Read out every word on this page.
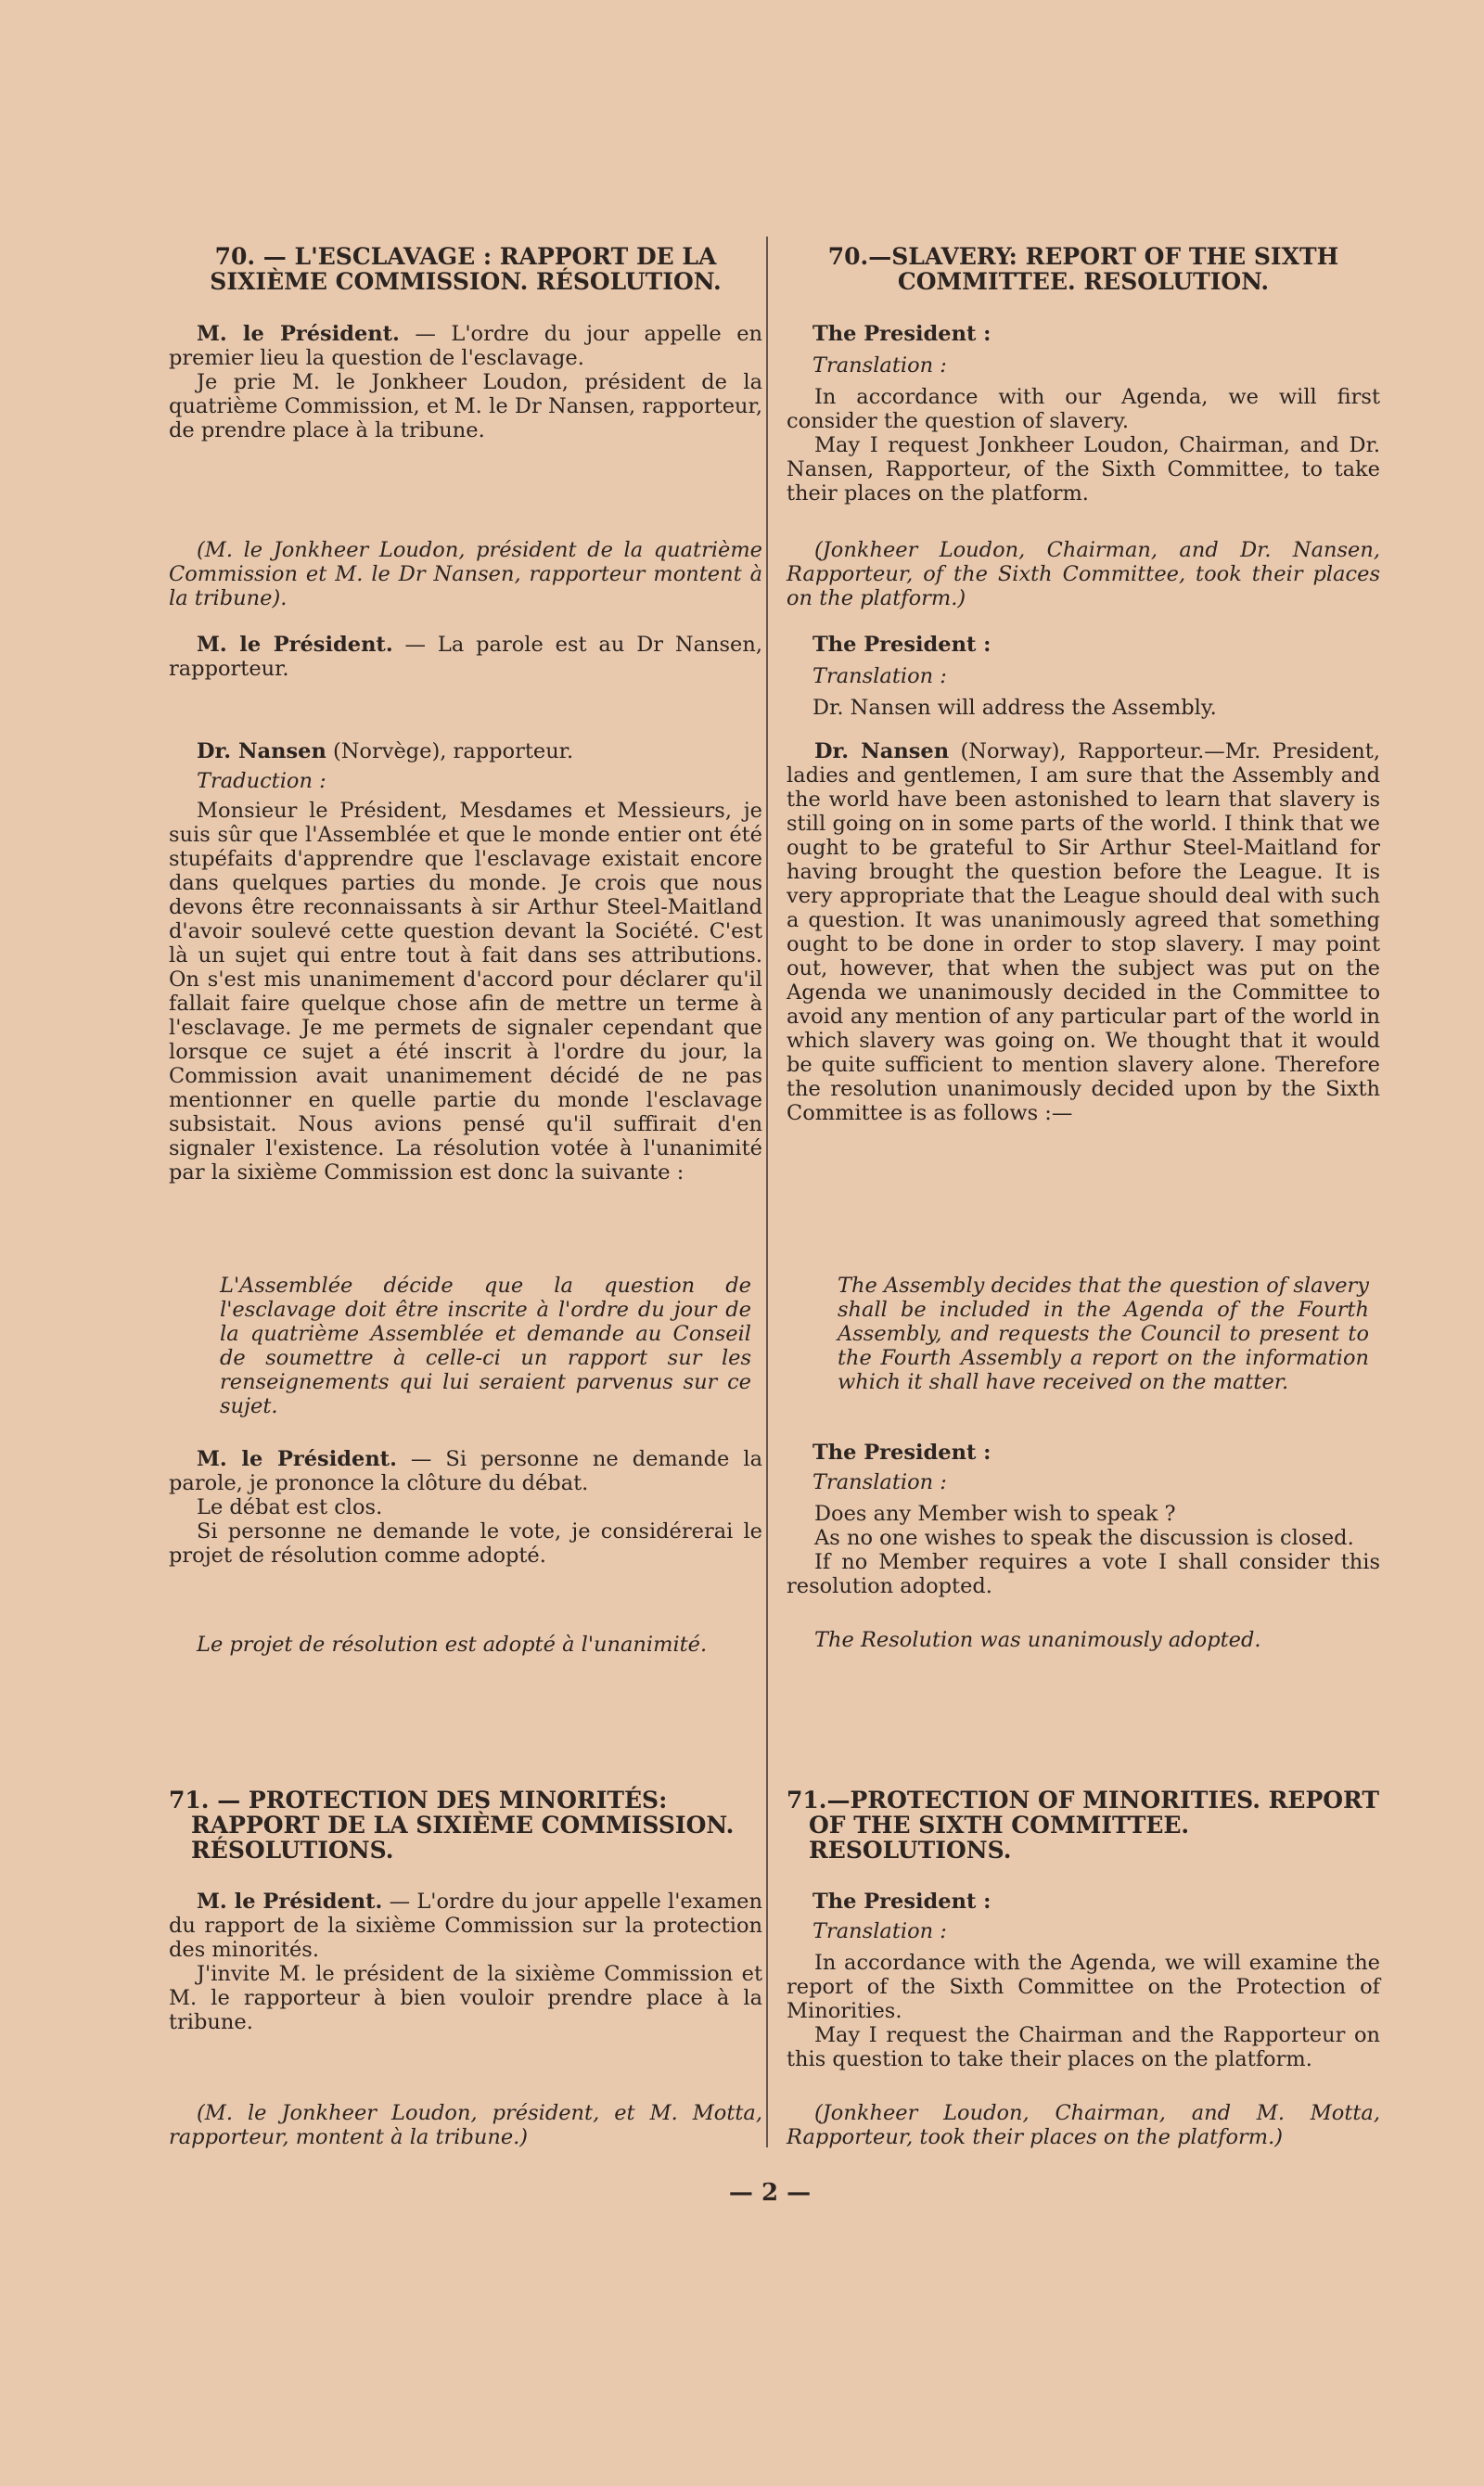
70. — L'ESCLAVAGE : RAPPORT DE LA SIXIÈME COMMISSION. RÉSOLUTION.

M. le Président. — L'ordre du jour appelle en premier lieu la question de l'esclavage.

Je prie M. le Jonkheer Loudon, président de la quatrième Commission, et M. le Dr Nansen, rapporteur, de prendre place à la tribune.

(M. le Jonkheer Loudon, président de la quatrième Commission et M. le Dr Nansen, rapporteur montent à la tribune).

M. le Président. — La parole est au Dr Nansen, rapporteur.

Dr. Nansen (Norvège), rapporteur.

Traduction :

Monsieur le Président, Mesdames et Messieurs, je suis sûr que l'Assemblée et que le monde entier ont été stupéfaits d'apprendre que l'esclavage existait encore dans quelques parties du monde. Je crois que nous devons être reconnaissants à sir Arthur Steel-Maitland d'avoir soulevé cette question devant la Société. C'est là un sujet qui entre tout à fait dans ses attributions. On s'est mis unanimement d'accord pour déclarer qu'il fallait faire quelque chose afin de mettre un terme à l'esclavage. Je me permets de signaler cependant que lorsque ce sujet a été inscrit à l'ordre du jour, la Commission avait unanimement décidé de ne pas mentionner en quelle partie du monde l'esclavage subsistait. Nous avions pensé qu'il suffirait d'en signaler l'existence. La résolution votée à l'unanimité par la sixième Commission est donc la suivante :

L'Assemblée décide que la question de l'esclavage doit être inscrite à l'ordre du jour de la quatrième Assemblée et demande au Conseil de soumettre à celle-ci un rapport sur les renseignements qui lui seraient parvenus sur ce sujet.

M. le Président. — Si personne ne demande la parole, je prononce la clôture du débat.

Le débat est clos.

Si personne ne demande le vote, je considérerai le projet de résolution comme adopté.

Le projet de résolution est adopté à l'unanimité.

71. — PROTECTION DES MINORITÉS: RAPPORT DE LA SIXIÈME COMMISSION. RÉSOLUTIONS.

M. le Président. — L'ordre du jour appelle l'examen du rapport de la sixième Commission sur la protection des minorités.

J'invite M. le président de la sixième Commission et M. le rapporteur à bien vouloir prendre place à la tribune.

(M. le Jonkheer Loudon, président, et M. Motta, rapporteur, montent à la tribune.)

70.—SLAVERY: REPORT OF THE SIXTH COMMITTEE. RESOLUTION.

The President :

Translation :

In accordance with our Agenda, we will first consider the question of slavery.

May I request Jonkheer Loudon, Chairman, and Dr. Nansen, Rapporteur, of the Sixth Committee, to take their places on the platform.

(Jonkheer Loudon, Chairman, and Dr. Nansen, Rapporteur, of the Sixth Committee, took their places on the platform.)

The President :

Translation :

Dr. Nansen will address the Assembly.

Dr. Nansen (Norway), Rapporteur.—Mr. President, ladies and gentlemen, I am sure that the Assembly and the world have been astonished to learn that slavery is still going on in some parts of the world. I think that we ought to be grateful to Sir Arthur Steel-Maitland for having brought the question before the League. It is very appropriate that the League should deal with such a question. It was unanimously agreed that something ought to be done in order to stop slavery. I may point out, however, that when the subject was put on the Agenda we unanimously decided in the Committee to avoid any mention of any particular part of the world in which slavery was going on. We thought that it would be quite sufficient to mention slavery alone. Therefore the resolution unanimously decided upon by the Sixth Committee is as follows :—

The Assembly decides that the question of slavery shall be included in the Agenda of the Fourth Assembly, and requests the Council to present to the Fourth Assembly a report on the information which it shall have received on the matter.

The President :

Translation :

Does any Member wish to speak ?

As no one wishes to speak the discussion is closed.

If no Member requires a vote I shall consider this resolution adopted.

The Resolution was unanimously adopted.

71.—PROTECTION OF MINORITIES. REPORT OF THE SIXTH COMMITTEE. RESOLUTIONS.

The President :

Translation :

In accordance with the Agenda, we will examine the report of the Sixth Committee on the Protection of Minorities.

May I request the Chairman and the Rapporteur on this question to take their places on the platform.

(Jonkheer Loudon, Chairman, and M. Motta, Rapporteur, took their places on the platform.)

— 2 —
